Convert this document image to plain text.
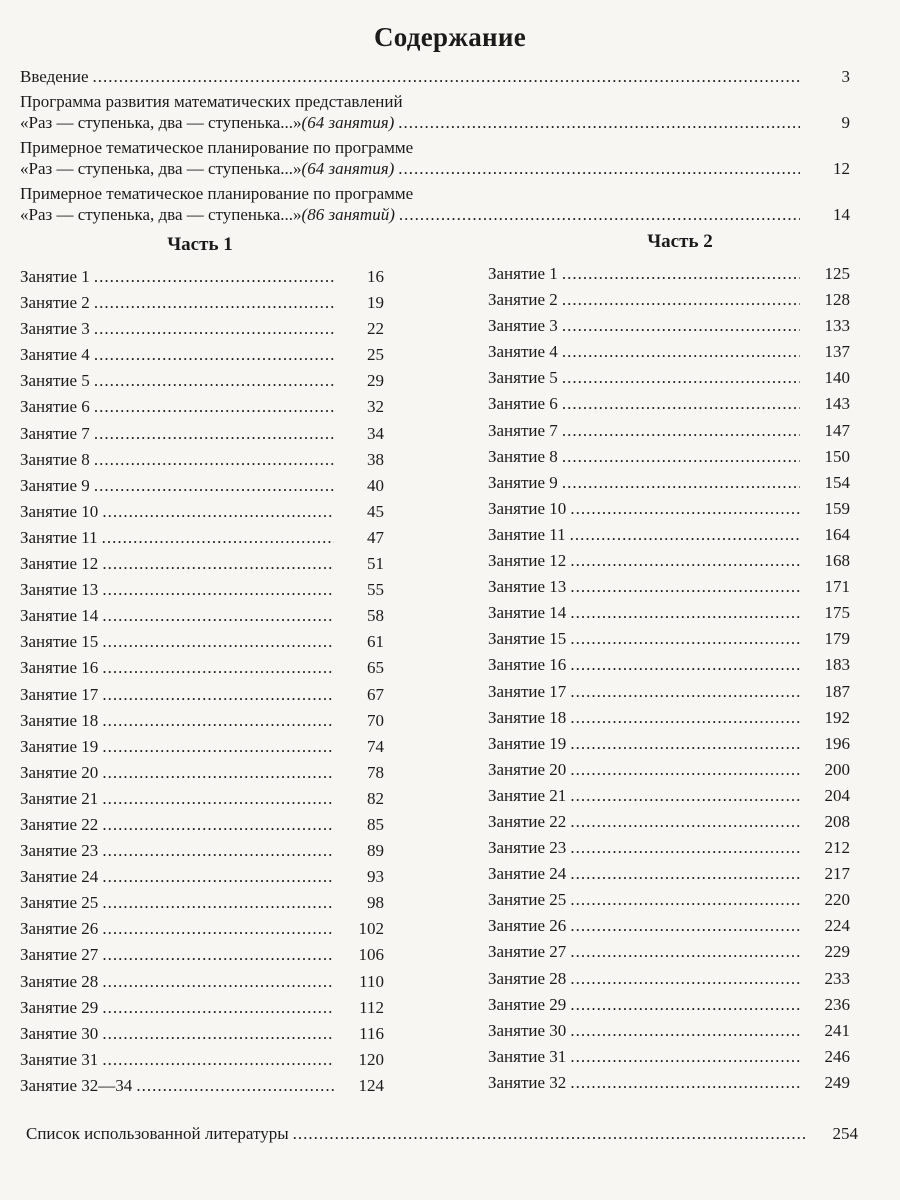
Содержание
Введение .....	3
Программа развития математических представлений
«Раз — ступенька, два — ступенька...» (64 занятия) .....	9
Примерное тематическое планирование по программе
«Раз — ступенька, два — ступенька...» (64 занятия) .....	12
Примерное тематическое планирование по программе
«Раз — ступенька, два — ступенька...» (86 занятий) .....	14
Часть 1	Часть 2
Занятие 1 .....	16
Занятие 2 .....	19
Занятие 3 .....	22
Занятие 4 .....	25
Занятие 5 .....	29
Занятие 6 .....	32
Занятие 7 .....	34
Занятие 8 .....	38
Занятие 9 .....	40
Занятие 10 .....	45
Занятие 11 .....	47
Занятие 12 .....	51
Занятие 13 .....	55
Занятие 14 .....	58
Занятие 15 .....	61
Занятие 16 .....	65
Занятие 17 .....	67
Занятие 18 .....	70
Занятие 19 .....	74
Занятие 20 .....	78
Занятие 21 .....	82
Занятие 22 .....	85
Занятие 23 .....	89
Занятие 24 .....	93
Занятие 25 .....	98
Занятие 26 .....	102
Занятие 27 .....	106
Занятие 28 .....	110
Занятие 29 .....	112
Занятие 30 .....	116
Занятие 31 .....	120
Занятие 32—34 .....	124
Занятие 1 .....	125
Занятие 2 .....	128
Занятие 3 .....	133
Занятие 4 .....	137
Занятие 5 .....	140
Занятие 6 .....	143
Занятие 7 .....	147
Занятие 8 .....	150
Занятие 9 .....	154
Занятие 10 .....	159
Занятие 11 .....	164
Занятие 12 .....	168
Занятие 13 .....	171
Занятие 14 .....	175
Занятие 15 .....	179
Занятие 16 .....	183
Занятие 17 .....	187
Занятие 18 .....	192
Занятие 19 .....	196
Занятие 20 .....	200
Занятие 21 .....	204
Занятие 22 .....	208
Занятие 23 .....	212
Занятие 24 .....	217
Занятие 25 .....	220
Занятие 26 .....	224
Занятие 27 .....	229
Занятие 28 .....	233
Занятие 29 .....	236
Занятие 30 .....	241
Занятие 31 .....	246
Занятие 32 .....	249
Список использованной литературы .....	254
